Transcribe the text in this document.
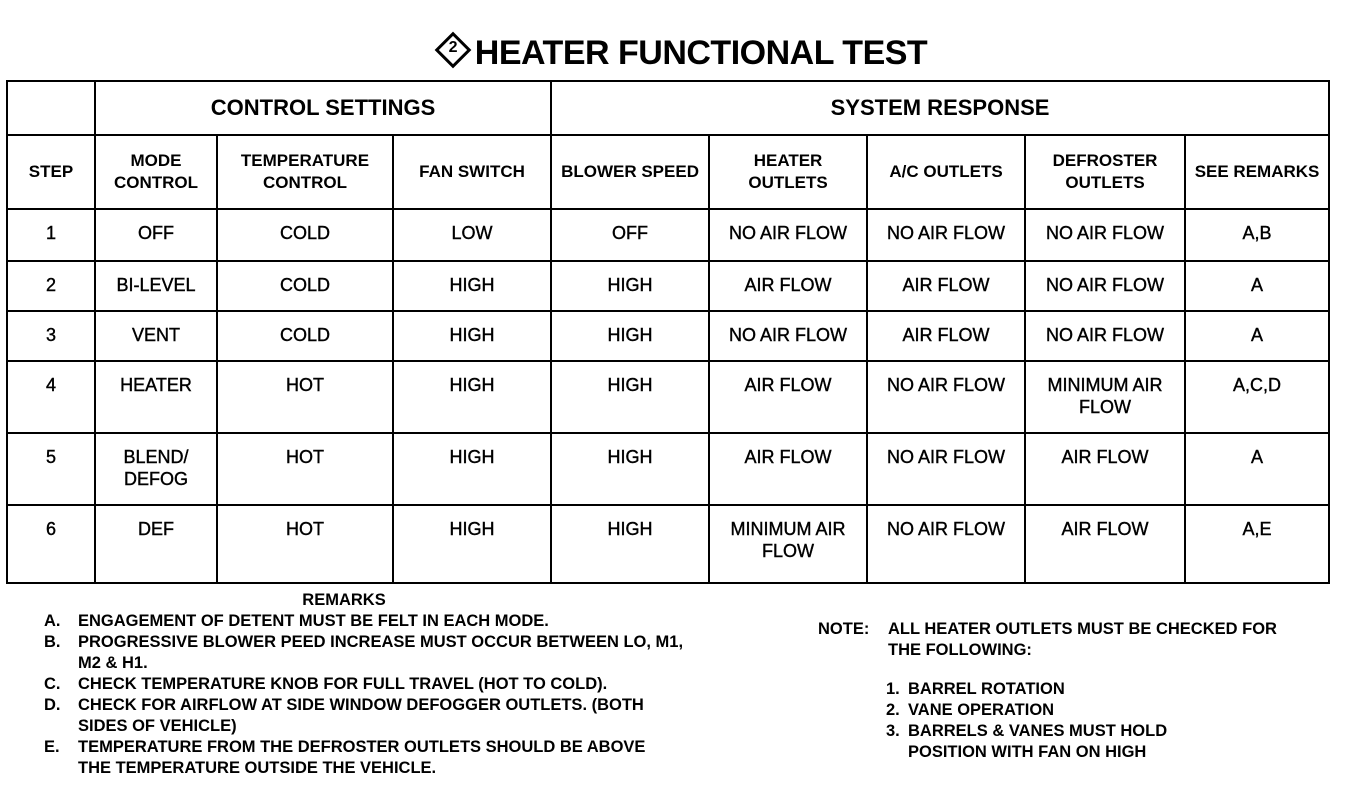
2 HEATER FUNCTIONAL TEST
	CONTROL SETTINGS			SYSTEM RESPONSE				
STEP	MODE CONTROL	TEMPERATURE CONTROL	FAN SWITCH	BLOWER SPEED	HEATER OUTLETS	A/C OUTLETS	DEFROSTER OUTLETS	SEE REMARKS
1	OFF	COLD	LOW	OFF	NO AIR FLOW	NO AIR FLOW	NO AIR FLOW	A,B
2	BI-LEVEL	COLD	HIGH	HIGH	AIR FLOW	AIR FLOW	NO AIR FLOW	A
3	VENT	COLD	HIGH	HIGH	NO AIR FLOW	AIR FLOW	NO AIR FLOW	A
4	HEATER	HOT	HIGH	HIGH	AIR FLOW	NO AIR FLOW	MINIMUM AIR FLOW	A,C,D
5	BLEND/ DEFOG	HOT	HIGH	HIGH	AIR FLOW	NO AIR FLOW	AIR FLOW	A
6	DEF	HOT	HIGH	HIGH	MINIMUM AIR FLOW	NO AIR FLOW	AIR FLOW	A,E
REMARKS
A.	ENGAGEMENT OF DETENT MUST BE FELT IN EACH MODE.
B.	PROGRESSIVE BLOWER PEED INCREASE MUST OCCUR BETWEEN LO, M1, M2 & H1.
C.	CHECK TEMPERATURE KNOB FOR FULL TRAVEL (HOT TO COLD).
D.	CHECK FOR AIRFLOW AT SIDE WINDOW DEFOGGER OUTLETS. (BOTH SIDES OF VEHICLE)
E.	TEMPERATURE FROM THE DEFROSTER OUTLETS SHOULD BE ABOVE THE TEMPERATURE OUTSIDE THE VEHICLE.
NOTE:	ALL HEATER OUTLETS MUST BE CHECKED FOR THE FOLLOWING:
1. BARREL ROTATION
2. VANE OPERATION
3. BARRELS & VANES MUST HOLD POSITION WITH FAN ON HIGH
